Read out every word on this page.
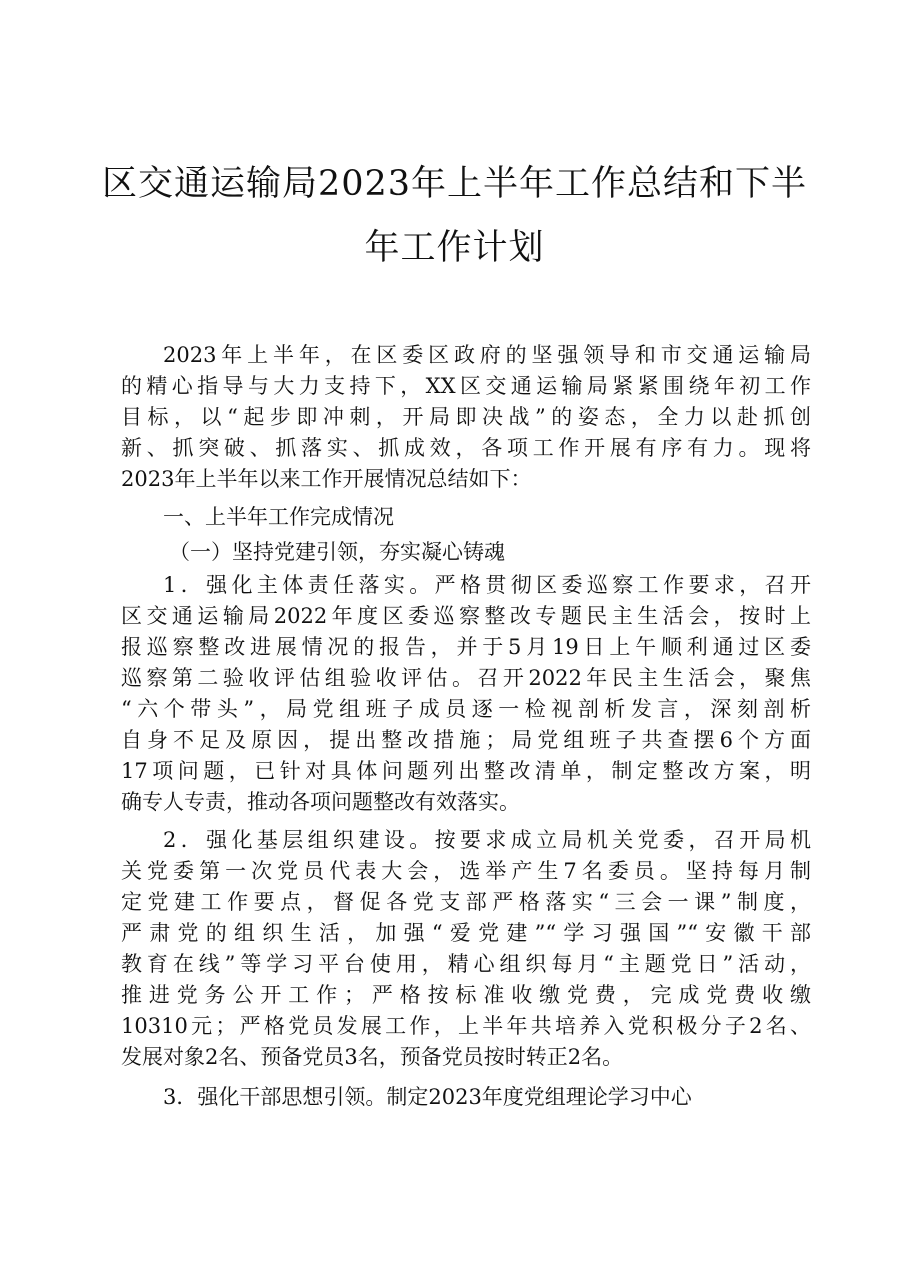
区交通运输局2023年上半年工作总结和下半
年工作计划

2023年上半年，在区委区政府的坚强领导和市交通运输局

的精心指导与大力支持下，XX区交通运输局紧紧围绕年初工作

目标，以“起步即冲刺，开局即决战”的姿态，全力以赴抓创

新、抓突破、抓落实、抓成效，各项工作开展有序有力。现将

2023年上半年以来工作开展情况总结如下：

一、上半年工作完成情况

（一）坚持党建引领，夯实凝心铸魂

1．强化主体责任落实。严格贯彻区委巡察工作要求，召开

区交通运输局2022年度区委巡察整改专题民主生活会，按时上

报巡察整改进展情况的报告，并于5月19日上午顺利通过区委

巡察第二验收评估组验收评估。召开2022年民主生活会，聚焦

“六个带头”，局党组班子成员逐一检视剖析发言，深刻剖析

自身不足及原因，提出整改措施；局党组班子共查摆6个方面

17项问题，已针对具体问题列出整改清单，制定整改方案，明

确专人专责，推动各项问题整改有效落实。

2．强化基层组织建设。按要求成立局机关党委，召开局机

关党委第一次党员代表大会，选举产生7名委员。坚持每月制

定党建工作要点，督促各党支部严格落实“三会一课”制度，

严肃党的组织生活，加强“爱党建”“学习强国”“安徽干部

教育在线”等学习平台使用，精心组织每月“主题党日”活动，

推进党务公开工作；严格按标准收缴党费，完成党费收缴

10310元；严格党员发展工作，上半年共培养入党积极分子2名、

发展对象2名、预备党员3名，预备党员按时转正2名。

3．强化干部思想引领。制定2023年度党组理论学习中心
